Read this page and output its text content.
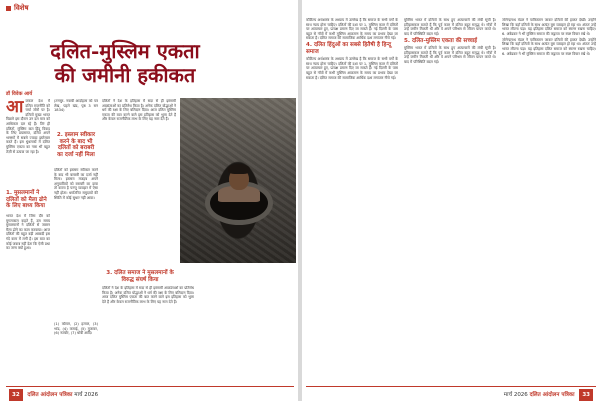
विशेष
दलित-मुस्लिम एकता
की जमीनी हकीकत
डॉ विवेक आर्य
आ जकल देश में दलित राजनीति को चर्चा जोरों पर है। दलितों मुख्य भारत पिछले इस दौरान उन दल मात्र को आधिकार दल रहे हैं। तिरं ही दलितों, मुस्लिम बात हिंदू विवाद के लिए प्रयासरत, दलित अपने भाषणों में सबसे ज्यादा इस्तेमाल करते हैं। इस धुंधलकों में दलित मुस्लिम एकता का नारा भी बहुत तेज़ी से उठाया जा रहा है।
1. मुसलमानों ने दलितों को मैला ढोने के लिए बाध्य किया
भारत देश में जिस दौर को मुगलकाल कहते हैं, उस समय मुसलमानों ने दलितों से जबरन मैला ढोने का काम करवाया। आज दलितों की बहुत बड़ी आबादी इस गंदे काम में लगी है। इस बात का कोई जवाब नहीं देता कि ऐसी प्रथा का जन्म क्यों हुआ।
(तनसुर- नवाबी आदोहला को पत्र लेख, पहले खंड, पृष्ठ 3 सन 1834)
2. इस्लाम स्वीकार करने के बाद भी दलितों को बराबरी का दर्जा नहीं मिला
दलितों को इस्लाम स्वीकार करने के बाद भी बराबरी का दर्जा नहीं मिला। इस्लाम मजहब अपने अनुयायियों को बराबरी का दावा तो करता है परन्तु व्यवहार में ऐसा नहीं होता। धर्मांतरित समुदायों की स्थिति में कोई सुधार नहीं आया।
(1) कोमल, (2) हलाल, (3) भांड, (4) कसाई, (5) मुजावर, (6) नटबोर, (7) धोबी आदि।
दलितों ने देश के इतिहास में सदा से ही इस्लामी आक्रांताओं का प्रतिरोध किया है। अनेक दलित योद्धाओं ने धर्म की रक्षा के लिए बलिदान दिया। आज दलित मुस्लिम एकता की बात करने वाले इस इतिहास को भुला देते हैं और केवल राजनीतिक लाभ के लिए यह नारा देते हैं।
3. दलित समाज ने मुसलमानों के विरुद्ध संघर्ष किया
दलितों ने देश के इतिहास में सदा से ही इस्लामी आक्रांताओं का प्रतिरोध किया है। अनेक दलित योद्धाओं ने धर्म की रक्षा के लिए बलिदान दिया। आज दलित मुस्लिम एकता की बात करने वाले इस इतिहास को भुला देते हैं और केवल राजनीतिक लाभ के लिए यह नारा देते हैं।
32 दलित आंदोलन पत्रिका मार्च 2026

कौटिल्य अर्थशास्त्र के अध्याय में उल्लेख है कि समाज के सभी वर्गों के साथ न्याय होना चाहिए। दलितों की दशा पर 1. मुस्लिम काल में दलितों पर अत्याचार हुए, प्रत्यक्ष प्रमाण दिए जा सकते हैं। नई दिल्ली के पास बहुत से गाँवों में कभी मुस्लिम आक्रमण के समय का प्रभाव देखा जा सकता है। दलित समाज की सामाजिक आर्थिक दशा लगातार नीचे गई।

4. दलित हिंदुओं का सबसे हितैषी है हिन्दू समाज

कौटिल्य अर्थशास्त्र के अध्याय में उल्लेख है कि समाज के सभी वर्गों के साथ न्याय होना चाहिए। दलितों की दशा पर 1. मुस्लिम काल में दलितों पर अत्याचार हुए, प्रत्यक्ष प्रमाण दिए जा सकते हैं। नई दिल्ली के पास बहुत से गाँवों में कभी मुस्लिम आक्रमण के समय का प्रभाव देखा जा सकता है। दलित समाज की सामाजिक आर्थिक दशा लगातार नीचे गई।

मुस्लिम भारत में दलितों के साथ हुए अत्याचारों की लंबी सूची है। इतिहासकार बताते हैं कि पूर्व काल में दलित बहुत समृद्ध थे। गाँवों में उन्हें जमीन मिलती थी और वे अपने परिश्रम से जीवन यापन करते थे। बाद में परिस्थिति बदल गई।

5. दलित-मुस्लिम एकता की सच्चाई

मुस्लिम भारत में दलितों के साथ हुए अत्याचारों की लंबी सूची है। इतिहासकार बताते हैं कि पूर्व काल में दलित बहुत समृद्ध थे। गाँवों में उन्हें जमीन मिलती थी और वे अपने परिश्रम से जीवन यापन करते थे। बाद में परिस्थिति बदल गई।

जोगेन्द्रनाथ मंडल ने पाकिस्तान जाकर दलितों की हालत देखी। उन्होंने लिखा कि वहाँ दलितों के साथ अत्यंत बुरा व्यवहार हो रहा था। अंततः उन्हें भारत लौटना पड़ा। यह इतिहास दलित समाज को स्मरण रखना चाहिए। 6. अंबेडकर ने भी मुस्लिम समाज की कट्टरता पर स्पष्ट विचार रखे थे।

जोगेन्द्रनाथ मंडल ने पाकिस्तान जाकर दलितों की हालत देखी। उन्होंने लिखा कि वहाँ दलितों के साथ अत्यंत बुरा व्यवहार हो रहा था। अंततः उन्हें भारत लौटना पड़ा। यह इतिहास दलित समाज को स्मरण रखना चाहिए। 6. अंबेडकर ने भी मुस्लिम समाज की कट्टरता पर स्पष्ट विचार रखे थे।

मार्च 2026 दलित आंदोलन पत्रिका 33
